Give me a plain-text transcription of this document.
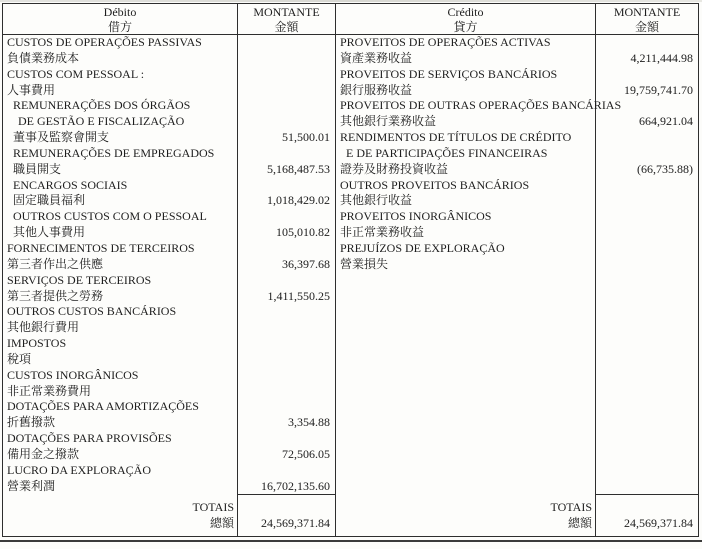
Débito
借方
MONTANTE
金額
Crédito
貸方
MONTANTE
金額
CUSTOS DE OPERAÇÕES PASSIVAS
負債業務成本
CUSTOS COM PESSOAL :
人事費用
REMUNERAÇÕES DOS ÓRGÃOS
DE GESTÃO E FISCALIZAÇÃO
董事及監察會開支
REMUNERAÇÕES DE EMPREGADOS
職員開支
ENCARGOS SOCIAIS
固定職員福利
OUTROS CUSTOS COM O PESSOAL
其他人事費用
FORNECIMENTOS DE TERCEIROS
第三者作出之供應
SERVIÇOS DE TERCEIROS
第三者提供之勞務
OUTROS CUSTOS BANCÁRIOS
其他銀行費用
IMPOSTOS
稅項
CUSTOS INORGÂNICOS
非正常業務費用
DOTAÇÕES PARA AMORTIZAÇÕES
折舊撥款
DOTAÇÕES PARA PROVISÕES
備用金之撥款
LUCRO DA EXPLORAÇÃO
營業利潤
51,500.01
5,168,487.53
1,018,429.02
105,010.82
36,397.68
1,411,550.25
3,354.88
72,506.05
16,702,135.60
PROVEITOS DE OPERAÇÕES ACTIVAS
資產業務收益
PROVEITOS DE SERVIÇOS BANCÁRIOS
銀行服務收益
PROVEITOS DE OUTRAS OPERAÇÕES BANCÁRIAS
其他銀行業務收益
RENDIMENTOS DE TÍTULOS DE CRÉDITO
E DE PARTICIPAÇÕES FINANCEIRAS
證券及財務投資收益
OUTROS PROVEITOS BANCÁRIOS
其他銀行收益
PROVEITOS INORGÂNICOS
非正常業務收益
PREJUÍZOS DE EXPLORAÇÃO
營業損失
4,211,444.98
19,759,741.70
664,921.04
(66,735.88)
TOTAIS
總額	24,569,371.84
TOTAIS
總額	24,569,371.84
